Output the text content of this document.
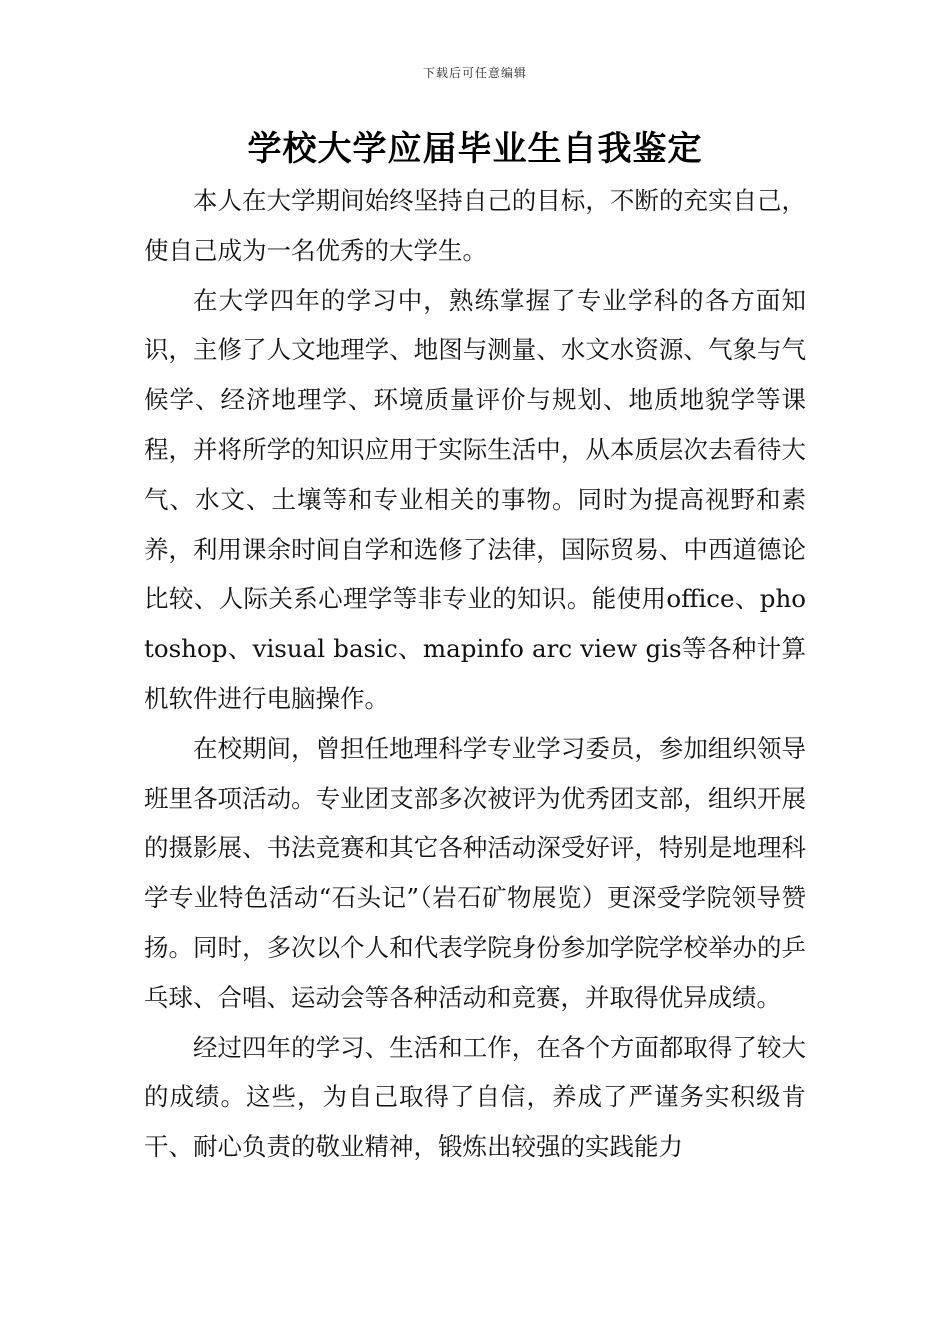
下载后可任意编辑
学校大学应届毕业生自我鉴定

本人在大学期间始终坚持自己的目标，不断的充实自己，使自己成为一名优秀的大学生。

在大学四年的学习中，熟练掌握了专业学科的各方面知识，主修了人文地理学、地图与测量、水文水资源、气象与气候学、经济地理学、环境质量评价与规划、地质地貌学等课程，并将所学的知识应用于实际生活中，从本质层次去看待大气、水文、土壤等和专业相关的事物。同时为提高视野和素养，利用课余时间自学和选修了法律，国际贸易、中西道德论比较、人际关系心理学等非专业的知识。能使用office、photoshop、visual basic、mapinfo arc view gis等各种计算机软件进行电脑操作。

在校期间，曾担任地理科学专业学习委员，参加组织领导班里各项活动。专业团支部多次被评为优秀团支部，组织开展的摄影展、书法竞赛和其它各种活动深受好评，特别是地理科学专业特色活动“石头记”（岩石矿物展览）更深受学院领导赞扬。同时，多次以个人和代表学院身份参加学院学校举办的乒乓球、合唱、运动会等各种活动和竞赛，并取得优异成绩。

经过四年的学习、生活和工作，在各个方面都取得了较大的成绩。这些，为自己取得了自信，养成了严谨务实积级肯干、耐心负责的敬业精神，锻炼出较强的实践能力
